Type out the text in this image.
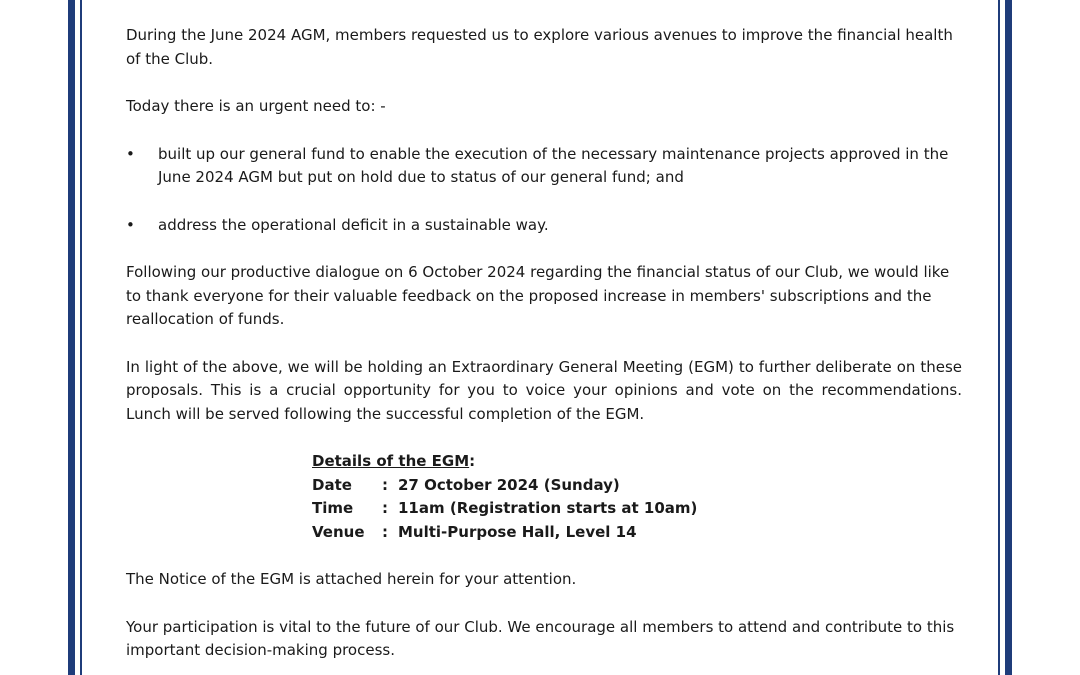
During the June 2024 AGM, members requested us to explore various avenues to improve the financial health of the Club.

Today there is an urgent need to: -

• built up our general fund to enable the execution of the necessary maintenance projects approved in the June 2024 AGM but put on hold due to status of our general fund; and
• address the operational deficit in a sustainable way.

Following our productive dialogue on 6 October 2024 regarding the financial status of our Club, we would like to thank everyone for their valuable feedback on the proposed increase in members' subscriptions and the reallocation of funds.

In light of the above, we will be holding an Extraordinary General Meeting (EGM) to further deliberate on these proposals. This is a crucial opportunity for you to voice your opinions and vote on the recommendations. Lunch will be served following the successful completion of the EGM.

Details of the EGM:
Date	: 27 October 2024 (Sunday)
Time	: 11am (Registration starts at 10am)
Venue	: Multi-Purpose Hall, Level 14

The Notice of the EGM is attached herein for your attention.

Your participation is vital to the future of our Club. We encourage all members to attend and contribute to this important decision-making process.
